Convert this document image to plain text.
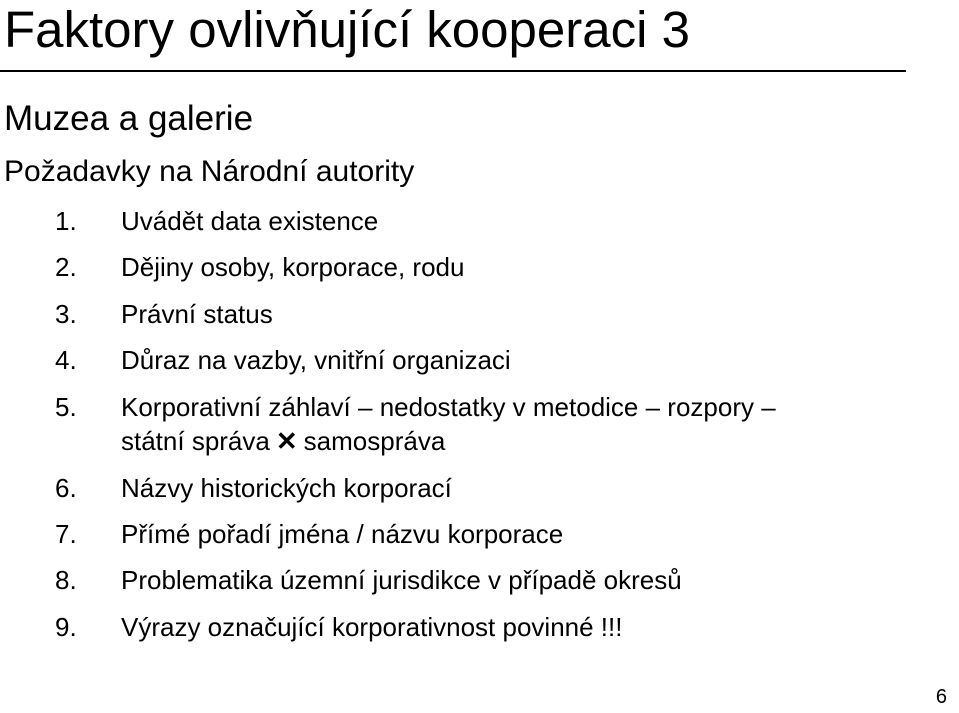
Faktory ovlivňující kooperaci 3
Muzea a galerie
Požadavky na Národní autority
1. Uvádět data existence
2. Dějiny osoby, korporace, rodu
3. Právní status
4. Důraz na vazby, vnitřní organizaci
5. Korporativní záhlaví – nedostatky v metodice – rozpory –
státní správa ✕ samospráva
6. Názvy historických korporací
7. Přímé pořadí jména / názvu korporace
8. Problematika územní jurisdikce v případě okresů
9. Výrazy označující korporativnost povinné !!!
6
